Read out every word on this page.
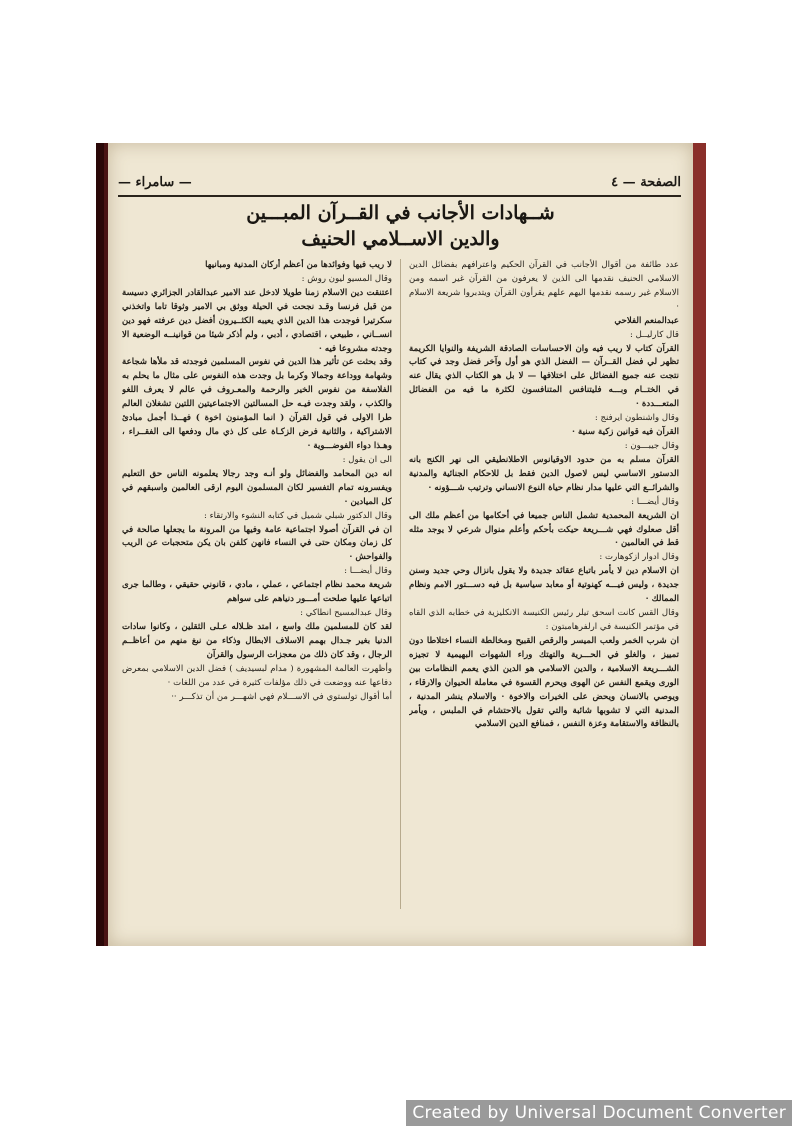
الصفحة — ٤
— سامراء —
شــهادات الأجانب في القــرآن المبـــين
والدين الاســلامي الحنيف
عدد طائفة من أقوال الأجانب في القرآن الحكيم واعترافهم بفضائل الدين الاسلامي الحنيف نقدمها الى الذين لا يعرفون من القرآن غير اسمه ومن الاسلام غير رسمه نقدمها اليهم علهم يقرأون القرآن ويتدبروا شريعة الاسلام ·
عبدالمنعم الفلاحي
قال كارليــل :
القرآن كتاب لا ريب فيه وان الاحساسات الصادقة الشريفة والنوايا الكريمة تظهر لي فضل القــرآن — الفضل الذي هو أول وآخر فضل وجد في كتاب نتجت عنه جميع الفضائل على اختلافها — لا بل هو الكتاب الذي يقال عنه في الختــام وبـــه فليتنافس المتنافسون لكثرة ما فيه من الفضائل المتعـــددة ·
وقال واشنطون ايرفنج :
القرآن فيه قوانين زكية سنية ·
وقال جيبـــون :
القرآن مسلم به من حدود الاوقيانوس الاطلانطيقي الى نهر الكنج بانه الدستور الاساسي ليس لاصول الدين فقط بل للاحكام الجنائية والمدنية والشرائــع التي عليها مدار نظام حياة النوع الانساني وترتيب شـــؤونه ·
وقال أيضـــا :
ان الشريعة المحمدية تشمل الناس جميعا في أحكامها من أعظم ملك الى أقل صعلوك فهي شـــريعة حيكت بأحكم وأعلم منوال شرعي لا يوجد مثله قط في العالمين ·
وقال ادوار ازكوهارت :
ان الاسلام دين لا يأمر باتباع عقائد جديدة ولا يقول بانزال وحي جديد وسنن جديدة ، وليس فيـــه كهنوتية أو معابد سياسية بل فيه دســـتور الامم ونظام الممالك ·
وقال القس كانت اسحق تيلر رئيس الكنيسة الانكليزية في خطابه الذي القاه في مؤتمر الكنيسة في ارلفرهامبتون :
ان شرب الخمر ولعب الميسر والرقص القبيح ومخالطة النساء اختلاطا دون تمييز ، والغلو في الحـــرية والتهتك وراء الشهوات البهيمية لا تجيزه الشـــريعة الاسلامية ، والدين الاسلامي هو الدين الذي يعمم النظامات بين الورى ويقمع النفس عن الهوى ويحرم القسوة في معاملة الحيوان والارقاء ، ويوصي بالانسان ويحض على الخيرات والاخوة · والاسلام ينشر المدنية ، المدنية التي لا تشوبها شائبة والتي تقول بالاحتشام في الملبس ، ويأمر بالنظافة والاستقامة وعزة النفس ، فمنافع الدين الاسلامي
لا ريب فيها وفوائدها من أعظم أركان المدنية ومبانيها
وقال المسيو ليون روش :
اعتنقت دين الاسلام زمنا طويلا لادخل عند الامير عبدالقادر الجزائري دسيسة من قبل فرنسا وقـد نجحت في الحيلة ووثق بي الامير وثوقا تاما واتخذني سكرتيرا فوجدت هذا الدين الذي يعيبه الكثــيرون أفضل دين عرفته فهو دين انســاني ، طبيعي ، اقتصادي ، أدبي ، ولم أذكر شيئا من قوانينــه الوضعية الا وجدته مشروعا فيه ·
وقد بحثت عن تأثير هذا الدين في نفوس المسلمين فوجدته قد ملأها شجاعة وشهامة ووداعة وجمالا وكرما بل وجدت هذه النفوس على مثال ما يحلم به الفلاسفة من نفوس الخير والرحمة والمعـروف في عالم لا يعرف اللغو والكذب ، ولقد وجدت فيـه حل المسالتين الاجتماعيتين اللتين تشغلان العالم طرا الاولى في قول القرآن ( انما المؤمنون اخوة ) فهــذا أجمل مبادئ الاشتراكية ، والثانية فرض الزكـاة على كل ذي مال ودفعها الى الفقــراء ، وهـذا دواء الفوضـــوية ·
الى ان يقول :
انه دين المحامد والفضائل ولو أنـه وجد رجالا يعلمونه الناس حق التعليم ويفسرونه تمام التفسير لكان المسلمون اليوم ارقى العالمين واسبقهم في كل الميادين ·
وقال الدكتور شبلي شميل في كتابه النشوء والارتقاء :
ان في القرآن أصولا اجتماعية عامة وفيها من المرونة ما يجعلها صالحة في كل زمان ومكان حتى في النساء فانهن كلفن بان يكن متحجبات عن الريب والفواحش ·
وقال أيضـــا :
شريعة محمد نظام اجتماعي ، عملي ، مادي ، قانوني حقيقي ، وطالما جرى اتباعها عليها صلحت أمـــور دنياهم على سواهم
وقال عبدالمسيح انطاكي :
لقد كان للمسلمين ملك واسع ، امتد ظـلاله عـلى الثقلين ، وكانوا سادات الدنيا بغير جـدال بهمم الاسلاف الابطال وذكاء من نبغ منهم من أعاظــم الرجال ، وقد كان ذلك من معجزات الرسول والقرآن
وأظهرت العالمة المشهورة ( مدام لبسيديف ) فضل الدين الاسلامي بمعرض دفاعها عنه ووضعت في ذلك مؤلفات كثيرة في عدد من اللغات ·
أما أقوال تولستوي في الاســـلام فهي اشهـــر من أن تذكـــر ··
Created by Universal Document Converter
